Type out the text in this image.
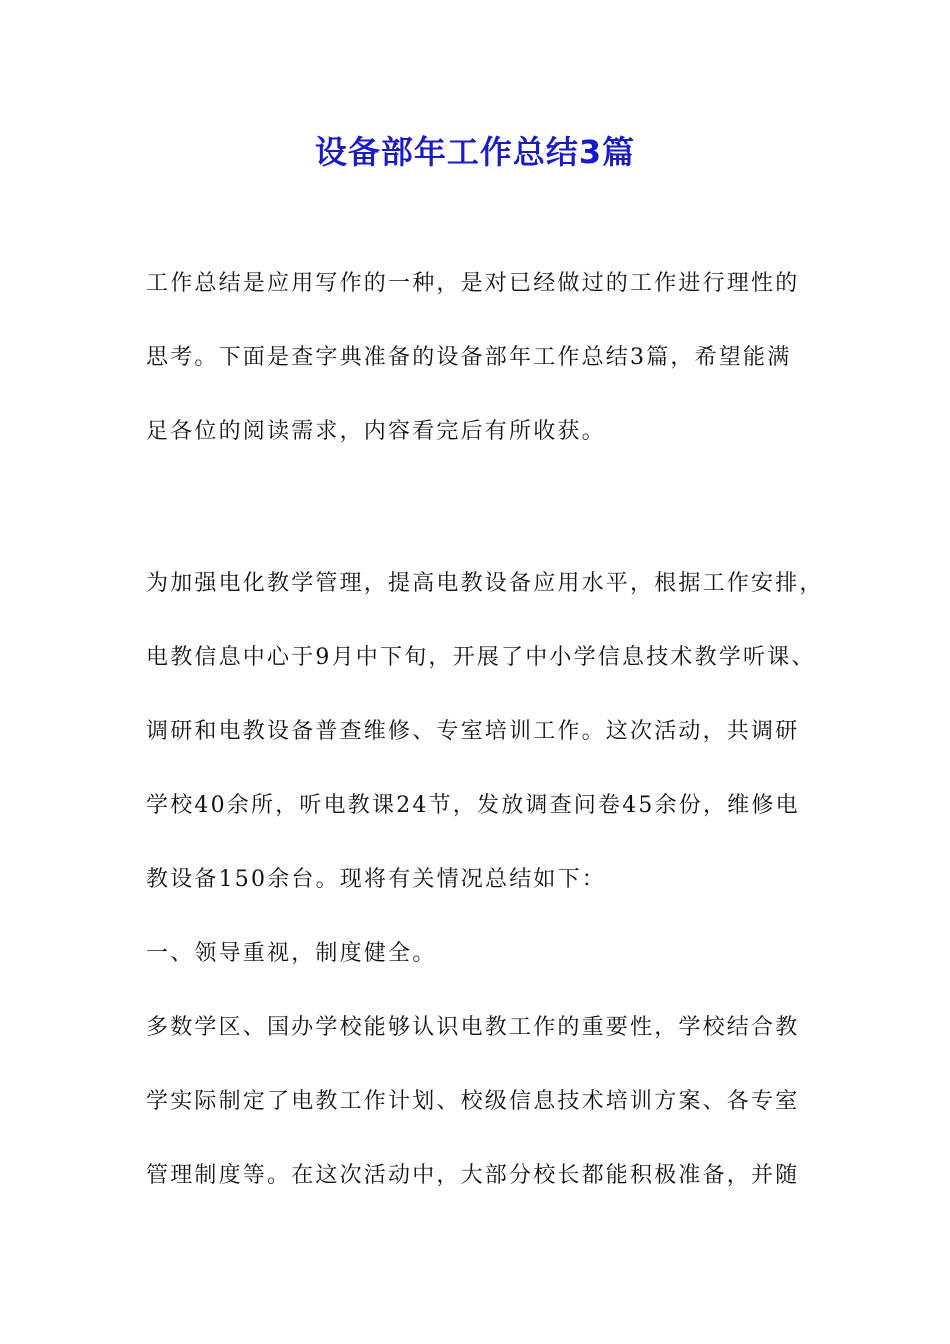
设备部年工作总结3篇
工作总结是应用写作的一种，是对已经做过的工作进行理性的
思考。下面是查字典准备的设备部年工作总结3篇，希望能满
足各位的阅读需求，内容看完后有所收获。
为加强电化教学管理，提高电教设备应用水平，根据工作安排，
电教信息中心于9月中下旬，开展了中小学信息技术教学听课、
调研和电教设备普查维修、专室培训工作。这次活动，共调研
学校40余所，听电教课24节，发放调查问卷45余份，维修电
教设备150余台。现将有关情况总结如下：
一、领导重视，制度健全。
多数学区、国办学校能够认识电教工作的重要性，学校结合教
学实际制定了电教工作计划、校级信息技术培训方案、各专室
管理制度等。在这次活动中，大部分校长都能积极准备，并随
